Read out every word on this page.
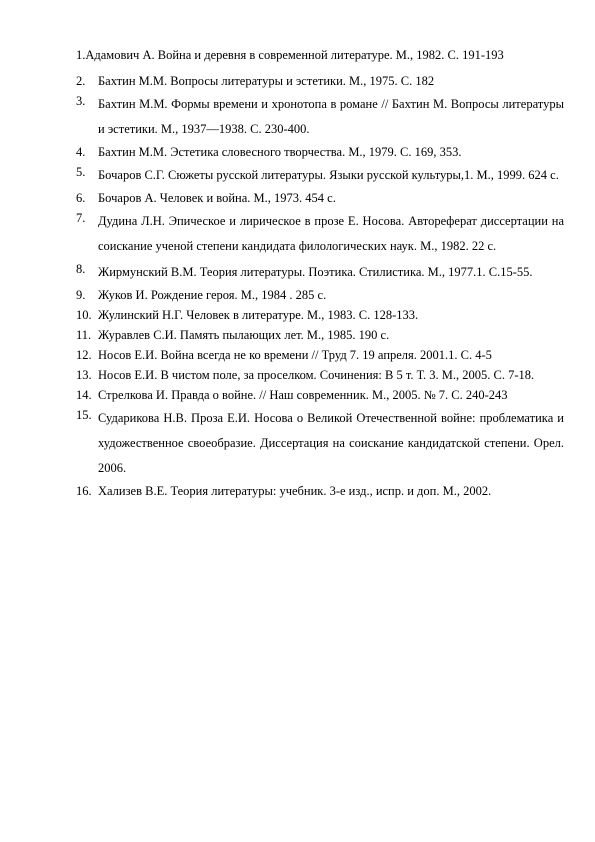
1. Адамович А. Война и деревня в современной литературе. М., 1982. С. 191-193
2.	Бахтин М.М. Вопросы литературы и эстетики. М., 1975. С. 182
3.	Бахтин М.М. Формы времени и хронотопа в романе // Бахтин М. Вопросы литературы и эстетики. М., 1937—1938. С. 230-400.
4.	Бахтин М.М. Эстетика словесного творчества. М., 1979. С. 169, 353.
5.	Бочаров С.Г. Сюжеты русской литературы. Языки русской культуры,1. М., 1999. 624 с.
6.	Бочаров А. Человек и война. М., 1973. 454 с.
7.	Дудина Л.Н. Эпическое и лирическое в прозе Е. Носова. Автореферат диссертации на соискание ученой степени кандидата филологических наук. М., 1982. 22 с.
8.	Жирмунский В.М. Теория литературы. Поэтика. Стилистика. М., 1977.1. С.15-55.
9.	Жуков И. Рождение героя. М., 1984 . 285 с.
10. Жулинский Н.Г. Человек в литературе. М., 1983. С. 128-133.
11. Журавлев С.И. Память пылающих лет. М., 1985. 190 с.
12. Носов Е.И. Война всегда не ко времени // Труд 7. 19 апреля. 2001.1. С. 4-5
13. Носов Е.И. В чистом поле, за проселком. Сочинения: В 5 т. Т. 3. М., 2005. С. 7-18.
14. Стрелкова И. Правда о войне. // Наш современник. М., 2005. № 7. С. 240-243
15. Сударикова Н.В. Проза Е.И. Носова о Великой Отечественной войне: проблематика и художественное своеобразие. Диссертация на соискание кандидатской степени. Орел. 2006.
16. Хализев В.Е. Теория литературы: учебник. 3-е изд., испр. и доп. М., 2002.
